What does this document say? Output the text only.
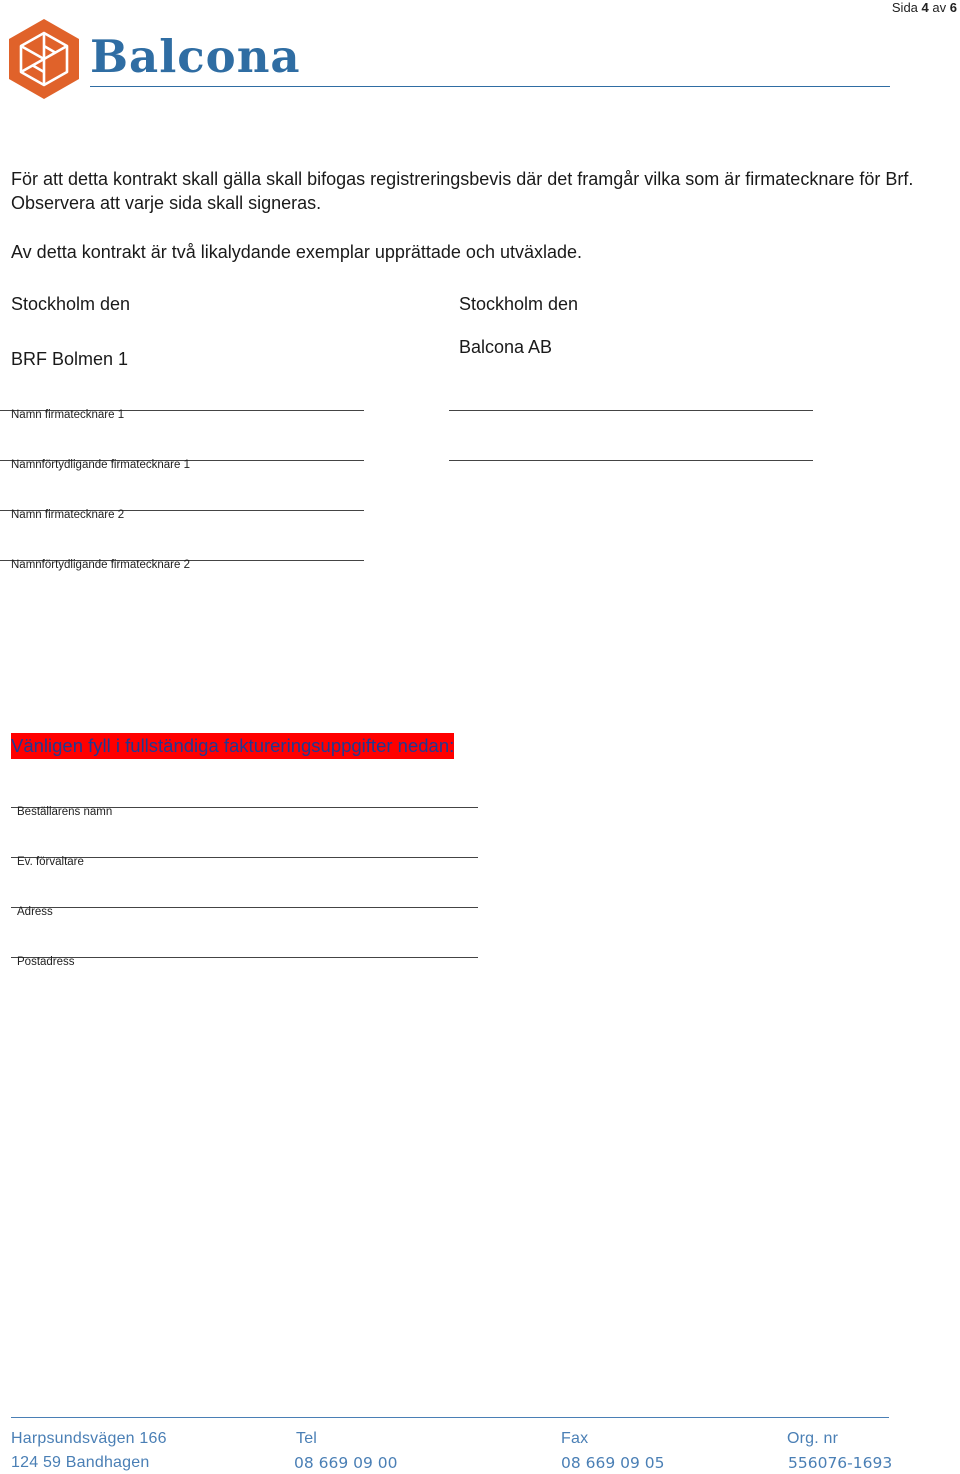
Sida 4 av 6
Balcona
För att detta kontrakt skall gälla skall bifogas registreringsbevis där det framgår vilka som är firmatecknare för Brf.
Observera att varje sida skall signeras.
Av detta kontrakt är två likalydande exemplar upprättade och utväxlade.
Stockholm den
BRF Bolmen 1
Namn firmatecknare 1
Namnförtydligande firmatecknare 1
Namn firmatecknare 2
Namnförtydligande firmatecknare 2
Stockholm den
Balcona AB
Vänligen fyll i fullständiga faktureringsuppgifter nedan:
Beställarens namn
Ev. förvaltare
Adress
Postadress
Harpsundsvägen 166
124 59 Bandhagen
Tel
08 669 09 00
Fax
08 669 09 05
Org. nr
556076-1693
